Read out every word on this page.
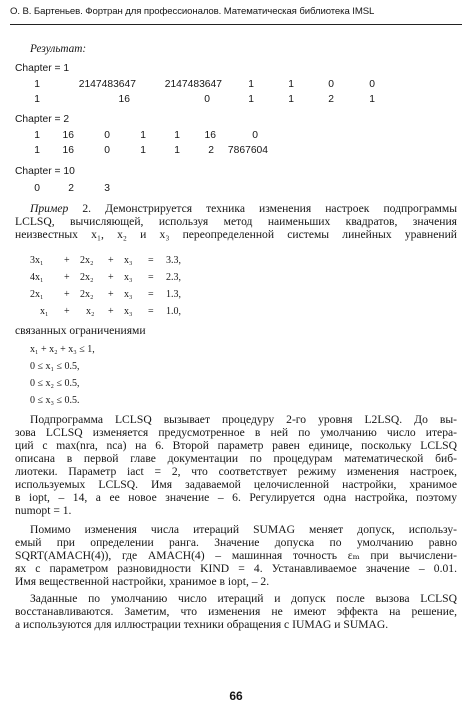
О. В. Бартеньев. Фортран для профессионалов. Математическая библиотека IMSL
Результат:
Chapter = 1
1	2147483647	2147483647	1	1	0	0
1	16	0	1	1	2	1
Chapter = 2
1	16	0	1	1	16	0
1	16	0	1	1	2	7867604
Chapter = 10
0	2	3
Пример 2. Демонстрируется техника изменения настроек подпрограммы
LCLSQ, вычисляющей, используя метод наименьших квадратов, значения
неизвестных x₁, x₂ и x₃ переопределенной системы линейных уравнений
3x₁ + 2x₂ + x₃ = 3.3,
4x₁ + 2x₂ + x₃ = 2.3,
2x₁ + 2x₂ + x₃ = 1.3,
x₁ + x₂ + x₃ = 1.0,
связанных ограничениями
x₁ + x₂ + x₃ ≤ 1,
0 ≤ x₁ ≤ 0.5,
0 ≤ x₂ ≤ 0.5,
0 ≤ x₃ ≤ 0.5.
Подпрограмма LCLSQ вызывает процедуру 2-го уровня L2LSQ. До вы-
зова LCLSQ изменяется предусмотренное в ней по умолчанию число итера-
ций с max(nra, nca) на 6. Второй параметр равен единице, поскольку LCLSQ
описана в первой главе документации по процедурам математической биб-
лиотеки. Параметр iact = 2, что соответствует режиму изменения настроек,
используемых LCLSQ. Имя задаваемой целочисленной настройки, хранимое
в iopt, – 14, а ее новое значение – 6. Регулируется одна настройка, поэтому
numopt = 1.
Помимо изменения числа итераций SUMAG меняет допуск, использу-
емый при определении ранга. Значение допуска по умолчанию равно
SQRT(AMACH(4)), где AMACH(4) – машинная точность εₘ при вычислени-
ях с параметром разновидности KIND = 4. Устанавливаемое значение – 0.01.
Имя вещественной настройки, хранимое в iopt, – 2.
Заданные по умолчанию число итераций и допуск после вызова LCLSQ
восстанавливаются. Заметим, что изменения не имеют эффекта на решение,
а используются для иллюстрации техники обращения с IUMAG и SUMAG.
66
